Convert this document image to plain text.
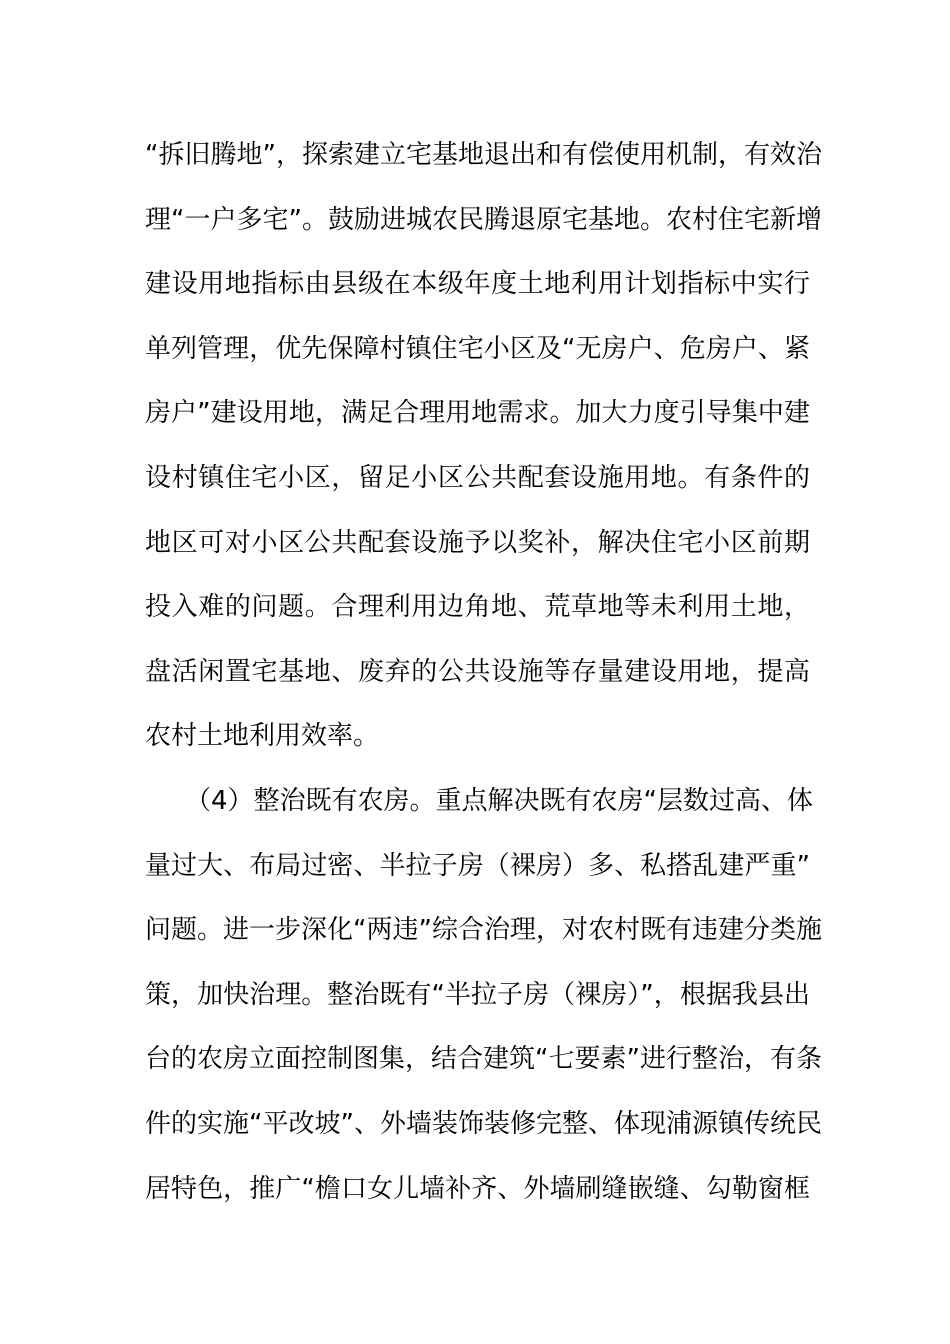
“拆旧腾地”，探索建立宅基地退出和有偿使用机制，有效治
理“一户多宅”。鼓励进城农民腾退原宅基地。农村住宅新增
建设用地指标由县级在本级年度土地利用计划指标中实行
单列管理，优先保障村镇住宅小区及“无房户、危房户、紧
房户”建设用地，满足合理用地需求。加大力度引导集中建
设村镇住宅小区，留足小区公共配套设施用地。有条件的
地区可对小区公共配套设施予以奖补，解决住宅小区前期
投入难的问题。合理利用边角地、荒草地等未利用土地，
盘活闲置宅基地、废弃的公共设施等存量建设用地，提高
农村土地利用效率。
（4）整治既有农房。重点解决既有农房“层数过高、体
量过大、布局过密、半拉子房（裸房）多、私搭乱建严重”
问题。进一步深化“两违”综合治理，对农村既有违建分类施
策，加快治理。整治既有“半拉子房（裸房）”，根据我县出
台的农房立面控制图集，结合建筑“七要素”进行整治，有条
件的实施“平改坡”、外墙装饰装修完整、体现浦源镇传统民
居特色，推广“檐口女儿墙补齐、外墙刷缝嵌缝、勾勒窗框
